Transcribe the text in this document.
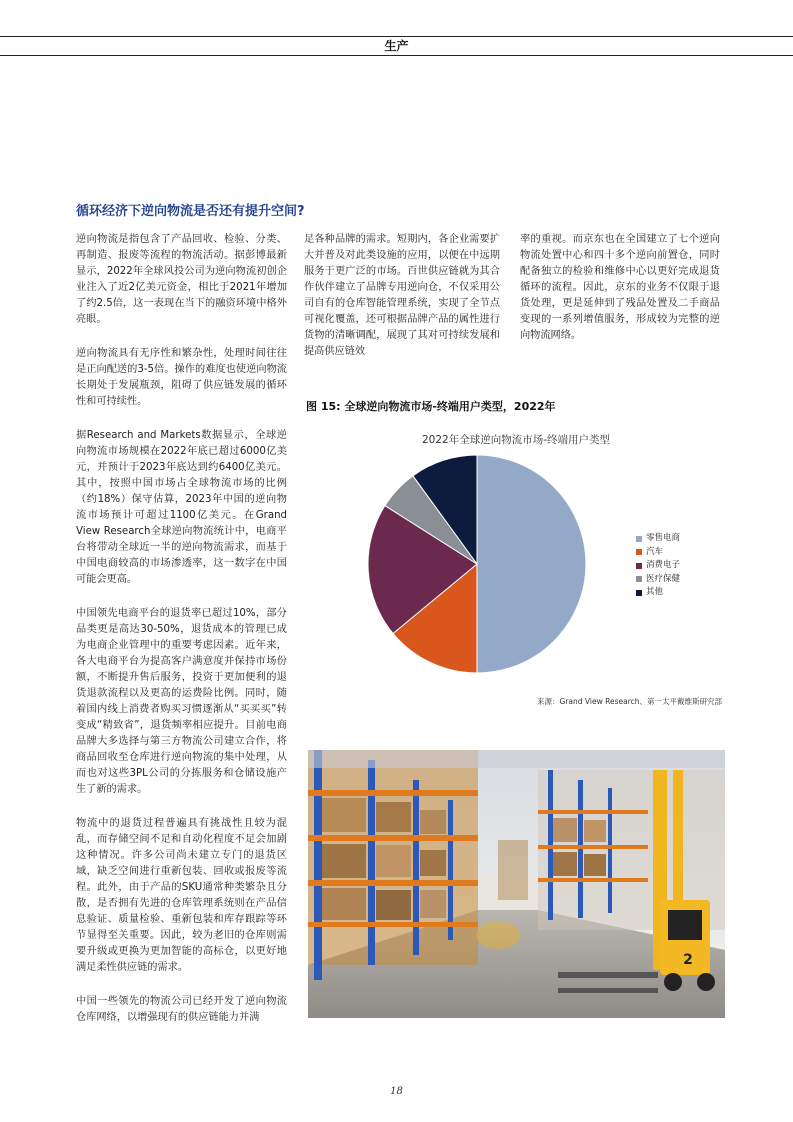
生产
循环经济下逆向物流是否还有提升空间?

逆向物流是指包含了产品回收、检验、分类、再制造、报废等流程的物流活动。据彭博最新显示，2022年全球风投公司为逆向物流初创企业注入了近2亿美元资金，相比于2021年增加了约2.5倍，这一表现在当下的融资环境中格外亮眼。

逆向物流具有无序性和繁杂性，处理时间往往是正向配送的3-5倍。操作的难度也使逆向物流长期处于发展瓶颈，阻碍了供应链发展的循环性和可持续性。

据Research and Markets数据显示，全球逆向物流市场规模在2022年底已超过6000亿美元，并预计于2023年底达到约6400亿美元。其中，按照中国市场占全球物流市场的比例（约18%）保守估算，2023年中国的逆向物流市场预计可超过1100亿美元。在Grand View Research全球逆向物流统计中，电商平台将带动全球近一半的逆向物流需求，而基于中国电商较高的市场渗透率，这一数字在中国可能会更高。

中国领先电商平台的退货率已超过10%，部分品类更是高达30-50%，退货成本的管理已成为电商企业管理中的重要考虑因素。近年来，各大电商平台为提高客户满意度并保持市场份额，不断提升售后服务，投资于更加便利的退货退款流程以及更高的运费险比例。同时，随着国内线上消费者购买习惯逐渐从“买买买”转变成“精致省”，退货频率相应提升。目前电商品牌大多选择与第三方物流公司建立合作，将商品回收至仓库进行逆向物流的集中处理，从而也对这些3PL公司的分拣服务和仓储设施产生了新的需求。

物流中的退货过程普遍具有挑战性且较为混乱，而存储空间不足和自动化程度不足会加剧这种情况。许多公司尚未建立专门的退货区域，缺乏空间进行重新包装、回收或报废等流程。此外，由于产品的SKU通常种类繁杂且分散，是否拥有先进的仓库管理系统则在产品信息验证、质量检验、重新包装和库存跟踪等环节显得至关重要。因此，较为老旧的仓库则需要升级或更换为更加智能的高标仓，以更好地满足柔性供应链的需求。

中国一些领先的物流公司已经开发了逆向物流仓库网络，以增强现有的供应链能力并满

足各种品牌的需求。短期内，各企业需要扩大并普及对此类设施的应用，以便在中远期服务于更广泛的市场。百世供应链就为其合作伙伴建立了品牌专用逆向仓，不仅采用公司自有的仓库智能管理系统，实现了全节点可视化覆盖，还可根据品牌产品的属性进行货物的清晰调配，展现了其对可持续发展和提高供应链效

率的重视。而京东也在全国建立了七个逆向物流处置中心和四十多个逆向前置仓，同时配备独立的检验和维修中心以更好完成退货循环的流程。因此，京东的业务不仅限于退货处理，更是延伸到了残品处置及二手商品变现的一系列增值服务，形成较为完整的逆向物流网络。

图 15: 全球逆向物流市场-终端用户类型，2022年
2022年全球逆向物流市场-终端用户类型
零售电商
汽车
消费电子
医疗保健
其他
来源：Grand View Research、第一太平戴维斯研究部
2
18
